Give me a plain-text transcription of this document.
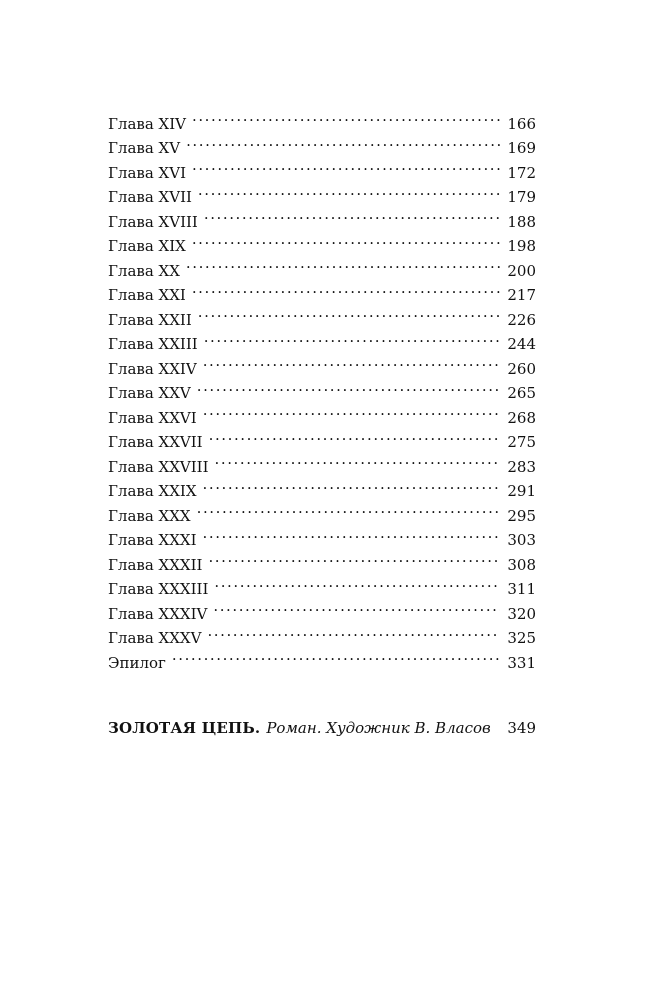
Глава XIV . . .	166
Глава XV . . .	169
Глава XVI . . .	172
Глава XVII . . .	179
Глава XVIII . . .	188
Глава XIX . . .	198
Глава XX . . .	200
Глава XXI . . .	217
Глава XXII . . .	226
Глава XXIII . . .	244
Глава XXIV . . .	260
Глава XXV . . .	265
Глава XXVI . . .	268
Глава XXVII . . .	275
Глава XXVIII . . .	283
Глава XXIX . . .	291
Глава XXX . . .	295
Глава XXXI . . .	303
Глава XXXII . . .	308
Глава XXXIII . . .	311
Глава XXXIV . . .	320
Глава XXXV . . .	325
Эпилог . . .	331
ЗОЛОТАЯ ЦЕПЬ. Роман. Художник В. Власов	349
